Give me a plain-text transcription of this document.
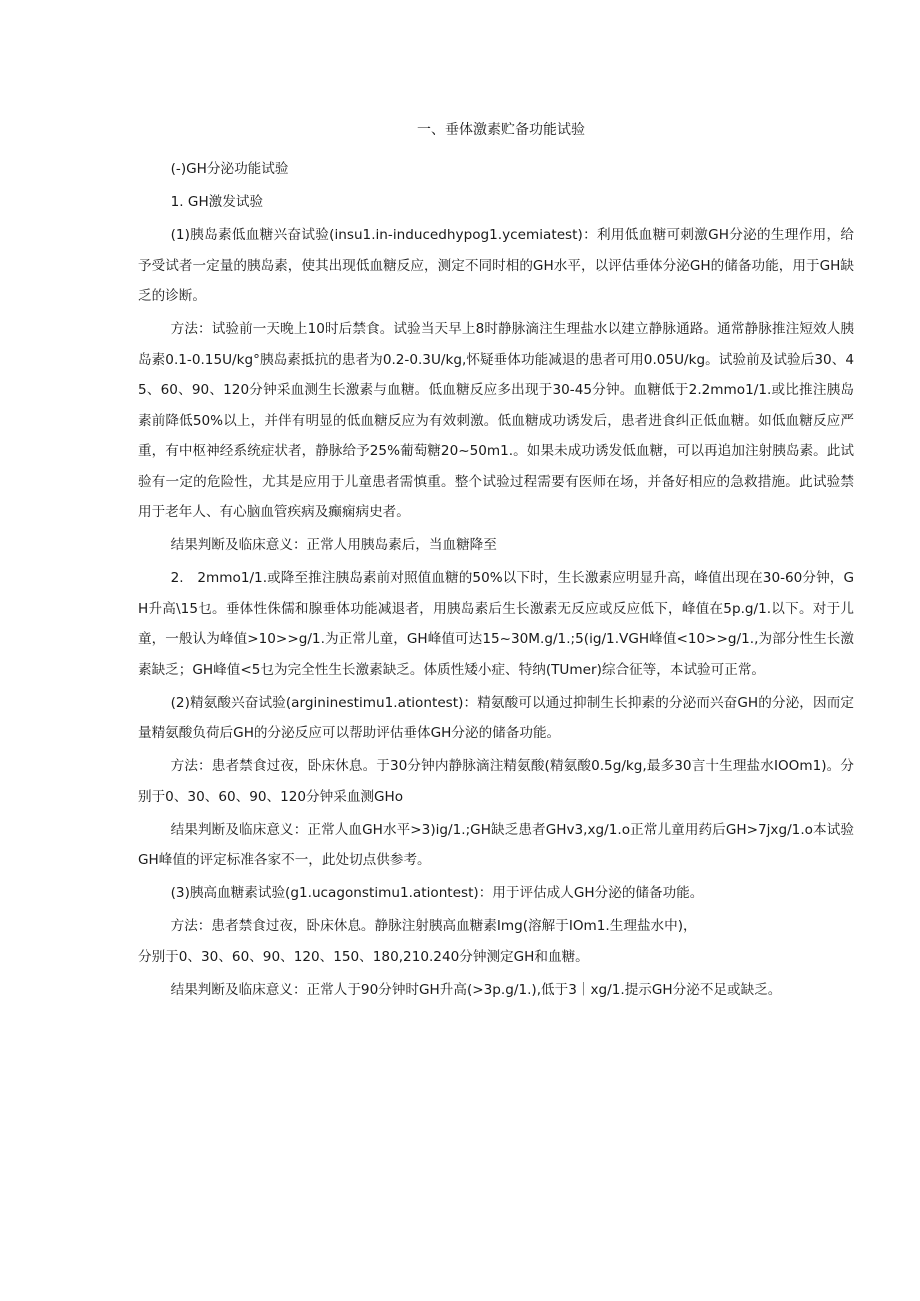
一、垂体激素贮备功能试验

(-)GH分泌功能试验

1. GH激发试验

(1)胰岛素低血糖兴奋试验(insu1.in-inducedhypog1.ycemiatest)：利用低血糖可刺激GH分泌的生理作用，给予受试者一定量的胰岛素，使其出现低血糖反应，测定不同时相的GH水平，以评估垂体分泌GH的储备功能，用于GH缺乏的诊断。

方法：试验前一天晚上10时后禁食。试验当天早上8时静脉滴注生理盐水以建立静脉通路。通常静脉推注短效人胰岛素0.1-0.15U∕kg°胰岛素抵抗的患者为0.2-0.3U∕kg,怀疑垂体功能减退的患者可用0.05U∕kg。试验前及试验后30、45、60、90、120分钟采血测生长激素与血糖。低血糖反应多出现于30-45分钟。血糖低于2.2mmo1∕1.或比推注胰岛素前降低50%以上，并伴有明显的低血糖反应为有效刺激。低血糖成功诱发后，患者进食纠正低血糖。如低血糖反应严重，有中枢神经系统症状者，静脉给予25%葡萄糖20~50m1.。如果未成功诱发低血糖，可以再追加注射胰岛素。此试验有一定的危险性，尤其是应用于儿童患者需慎重。整个试验过程需要有医师在场，并备好相应的急救措施。此试验禁用于老年人、有心脑血管疾病及癫痫病史者。

结果判断及临床意义：正常人用胰岛素后，当血糖降至

2.　2mmo1∕1.或降至推注胰岛素前对照值血糖的50%以下时，生长激素应明显升高，峰值出现在30-60分钟，GH升高\15乜。垂体性侏儒和腺垂体功能减退者，用胰岛素后生长激素无反应或反应低下，峰值在5p.g∕1.以下。对于儿童，一般认为峰值>10>>g∕1.为正常儿童，GH峰值可达15~30M.g∕1.;5(ig∕1.VGH峰值<10>>g∕1.,为部分性生长激素缺乏；GH峰值<5乜为完全性生长激素缺乏。体质性矮小症、特纳(TUmer)综合征等，本试验可正常。

(2)精氨酸兴奋试验(argininestimu1.ationtest)：精氨酸可以通过抑制生长抑素的分泌而兴奋GH的分泌，因而定量精氨酸负荷后GH的分泌反应可以帮助评估垂体GH分泌的储备功能。

方法：患者禁食过夜，卧床休息。于30分钟内静脉滴注精氨酸(精氨酸0.5g∕kg,最多30言十生理盐水IOOm1)。分别于0、30、60、90、120分钟采血测GHo

结果判断及临床意义：正常人血GH水平>3)ig∕1.;GH缺乏患者GHv3,xg∕1.o正常儿童用药后GH>7jxg∕1.o本试验GH峰值的评定标准各家不一，此处切点供参考。

(3)胰高血糖素试验(g1.ucagonstimu1.ationtest)：用于评估成人GH分泌的储备功能。

方法：患者禁食过夜，卧床休息。静脉注射胰高血糖素Img(溶解于IOm1.生理盐水中)，

分别于0、30、60、90、120、150、180,210.240分钟测定GH和血糖。

结果判断及临床意义：正常人于90分钟时GH升高(>3p.g∕1.),低于3｜xg∕1.提示GH分泌不足或缺乏。
